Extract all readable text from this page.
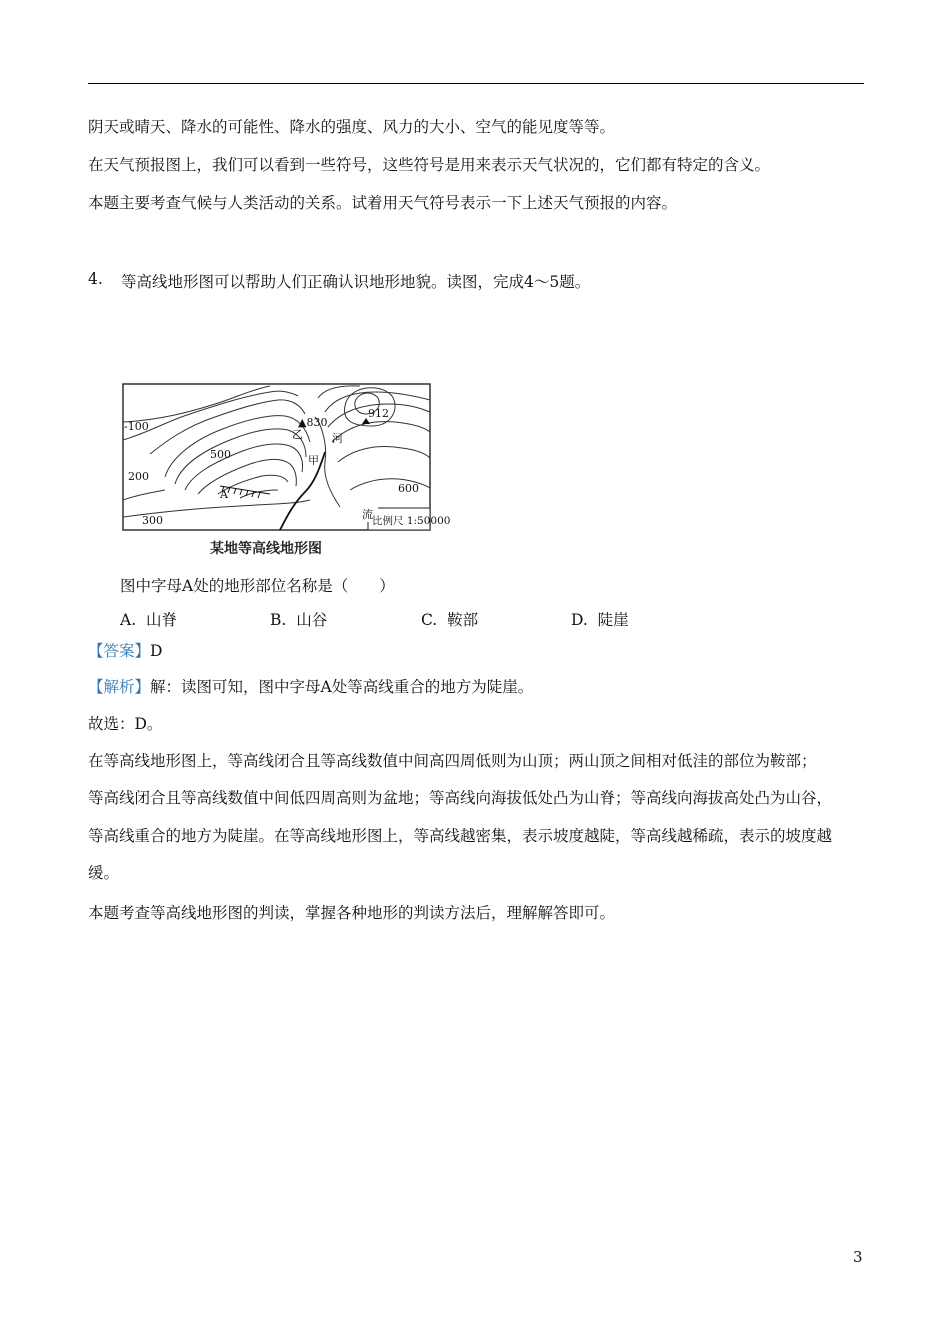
阴天或晴天、降水的可能性、降水的强度、风力的大小、空气的能见度等等。
在天气预报图上，我们可以看到一些符号，这些符号是用来表示天气状况的，它们都有特定的含义。
本题主要考查气候与人类活动的关系。试着用天气符号表示一下上述天气预报的内容。
4. 等高线地形图可以帮助人们正确认识地形地貌。读图，完成4～5题。
-100
200
300
500
600
▲830
912
乙
甲
河
流
A
比例尺 1:50000
某地等高线地形图
图中字母A处的地形部位名称是（　　）
A. 山脊	B. 山谷	C. 鞍部	D. 陡崖
【答案】D
【解析】解：读图可知，图中字母A处等高线重合的地方为陡崖。
故选：D。
在等高线地形图上，等高线闭合且等高线数值中间高四周低则为山顶；两山顶之间相对低洼的部位为鞍部；
等高线闭合且等高线数值中间低四周高则为盆地；等高线向海拔低处凸为山脊；等高线向海拔高处凸为山谷，
等高线重合的地方为陡崖。在等高线地形图上，等高线越密集，表示坡度越陡，等高线越稀疏，表示的坡度越
缓。
本题考查等高线地形图的判读，掌握各种地形的判读方法后，理解解答即可。
3
